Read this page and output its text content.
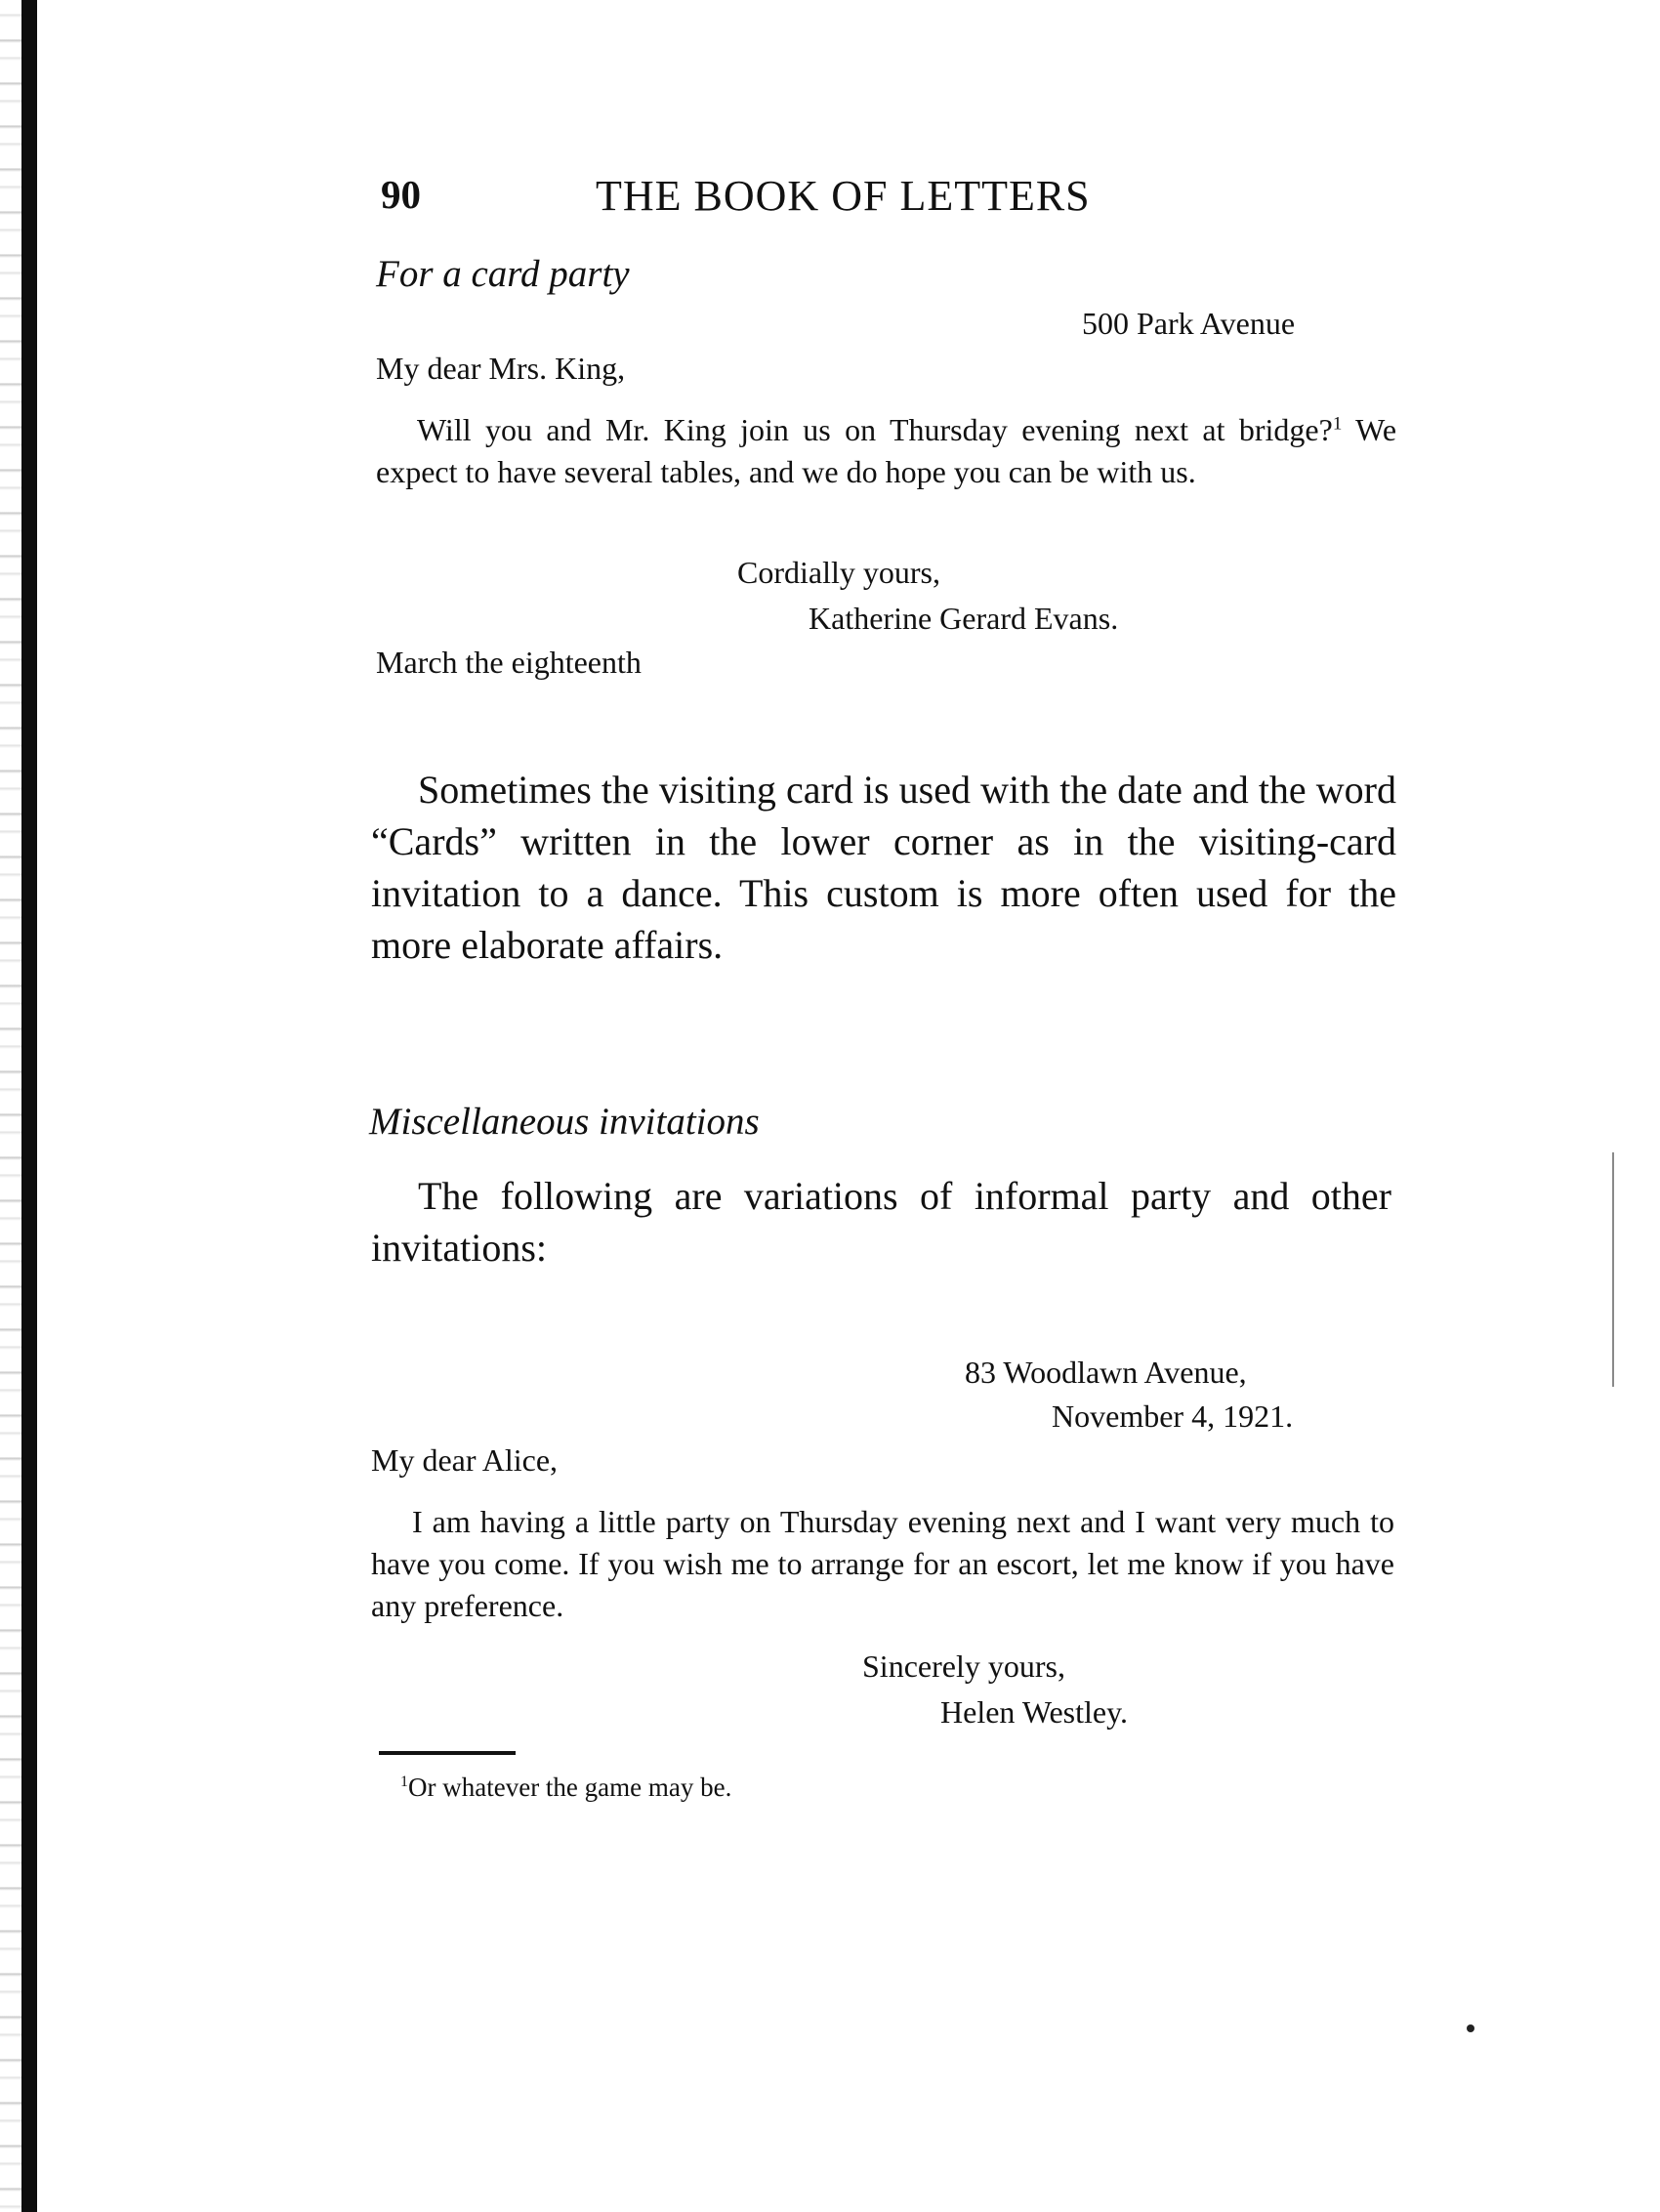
90	THE BOOK OF LETTERS
For a card party
500 Park Avenue
My dear Mrs. King,

Will you and Mr. King join us on Thursday evening next at bridge?$^1$ We expect to have several tables, and we do hope you can be with us.

Cordially yours,
Katherine Gerard Evans.
March the eighteenth

Sometimes the visiting card is used with the date and the word “Cards” written in the lower corner as in the visiting-card invitation to a dance. This custom is more often used for the more elaborate affairs.

Miscellaneous invitations

The following are variations of informal party and other invitations:

83 Woodlawn Avenue,
November 4, 1921.
My dear Alice,

I am having a little party on Thursday evening next and I want very much to have you come. If you wish me to arrange for an escort, let me know if you have any preference.

Sincerely yours,
Helen Westley.
$^1$Or whatever the game may be.
